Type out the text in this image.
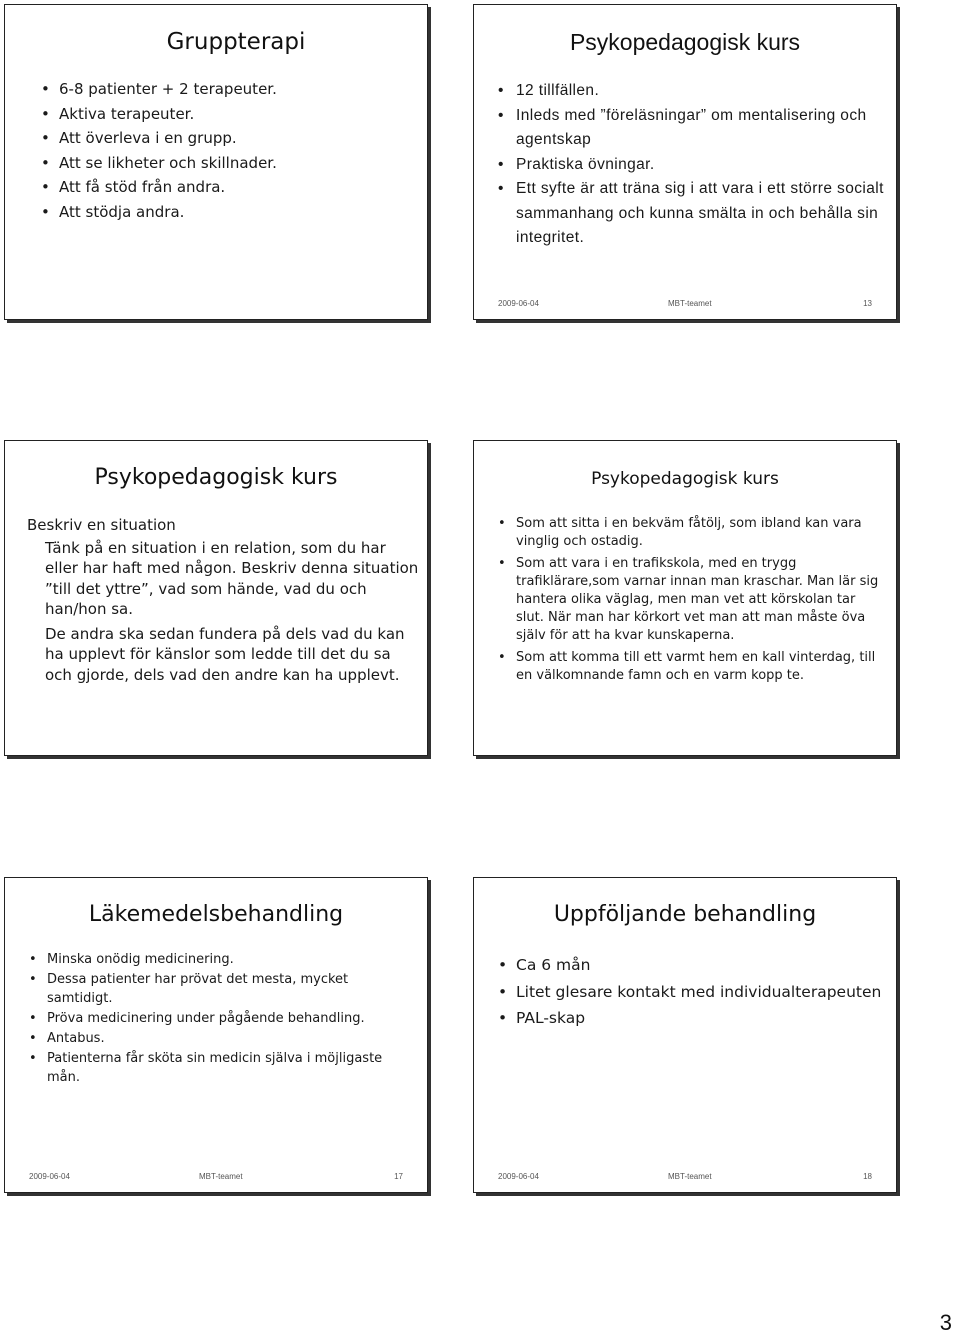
Gruppterapi
• 6-8 patienter + 2 terapeuter.
• Aktiva terapeuter.
• Att överleva i en grupp.
• Att se likheter och skillnader.
• Att få stöd från andra.
• Att stödja andra.
Psykopedagogisk kurs
• 12 tillfällen.
• Inleds med ”föreläsningar” om mentalisering och agentskap
• Praktiska övningar.
• Ett syfte är att träna sig i att vara i ett större socialt sammanhang och kunna smälta in och behålla sin integritet.
2009-06-04	MBT-teamet	13
Psykopedagogisk kurs
Beskriv en situation
Tänk på en situation i en relation, som du har eller har haft med någon. Beskriv denna situation ”till det yttre”, vad som hände, vad du och han/hon sa.
De andra ska sedan fundera på dels vad du kan ha upplevt för känslor som ledde till det du sa och gjorde, dels vad den andre kan ha upplevt.
Psykopedagogisk kurs
• Som att sitta i en bekväm fåtölj, som ibland kan vara vinglig och ostadig.
• Som att vara i en trafikskola, med en trygg trafiklärare,som varnar innan man kraschar. Man lär sig hantera olika väglag, men man vet att körskolan tar slut. När man har körkort vet man att man måste öva själv för att ha kvar kunskaperna.
• Som att komma till ett varmt hem en kall vinterdag, till en välkomnande famn och en varm kopp te.
Läkemedelsbehandling
• Minska onödig medicinering.
• Dessa patienter har prövat det mesta, mycket samtidigt.
• Pröva medicinering under pågående behandling.
• Antabus.
• Patienterna får sköta sin medicin själva i möjligaste mån.
2009-06-04	MBT-teamet	17
Uppföljande behandling
• Ca 6 mån
• Litet glesare kontakt med individualterapeuten
• PAL-skap
2009-06-04	MBT-teamet	18
3
